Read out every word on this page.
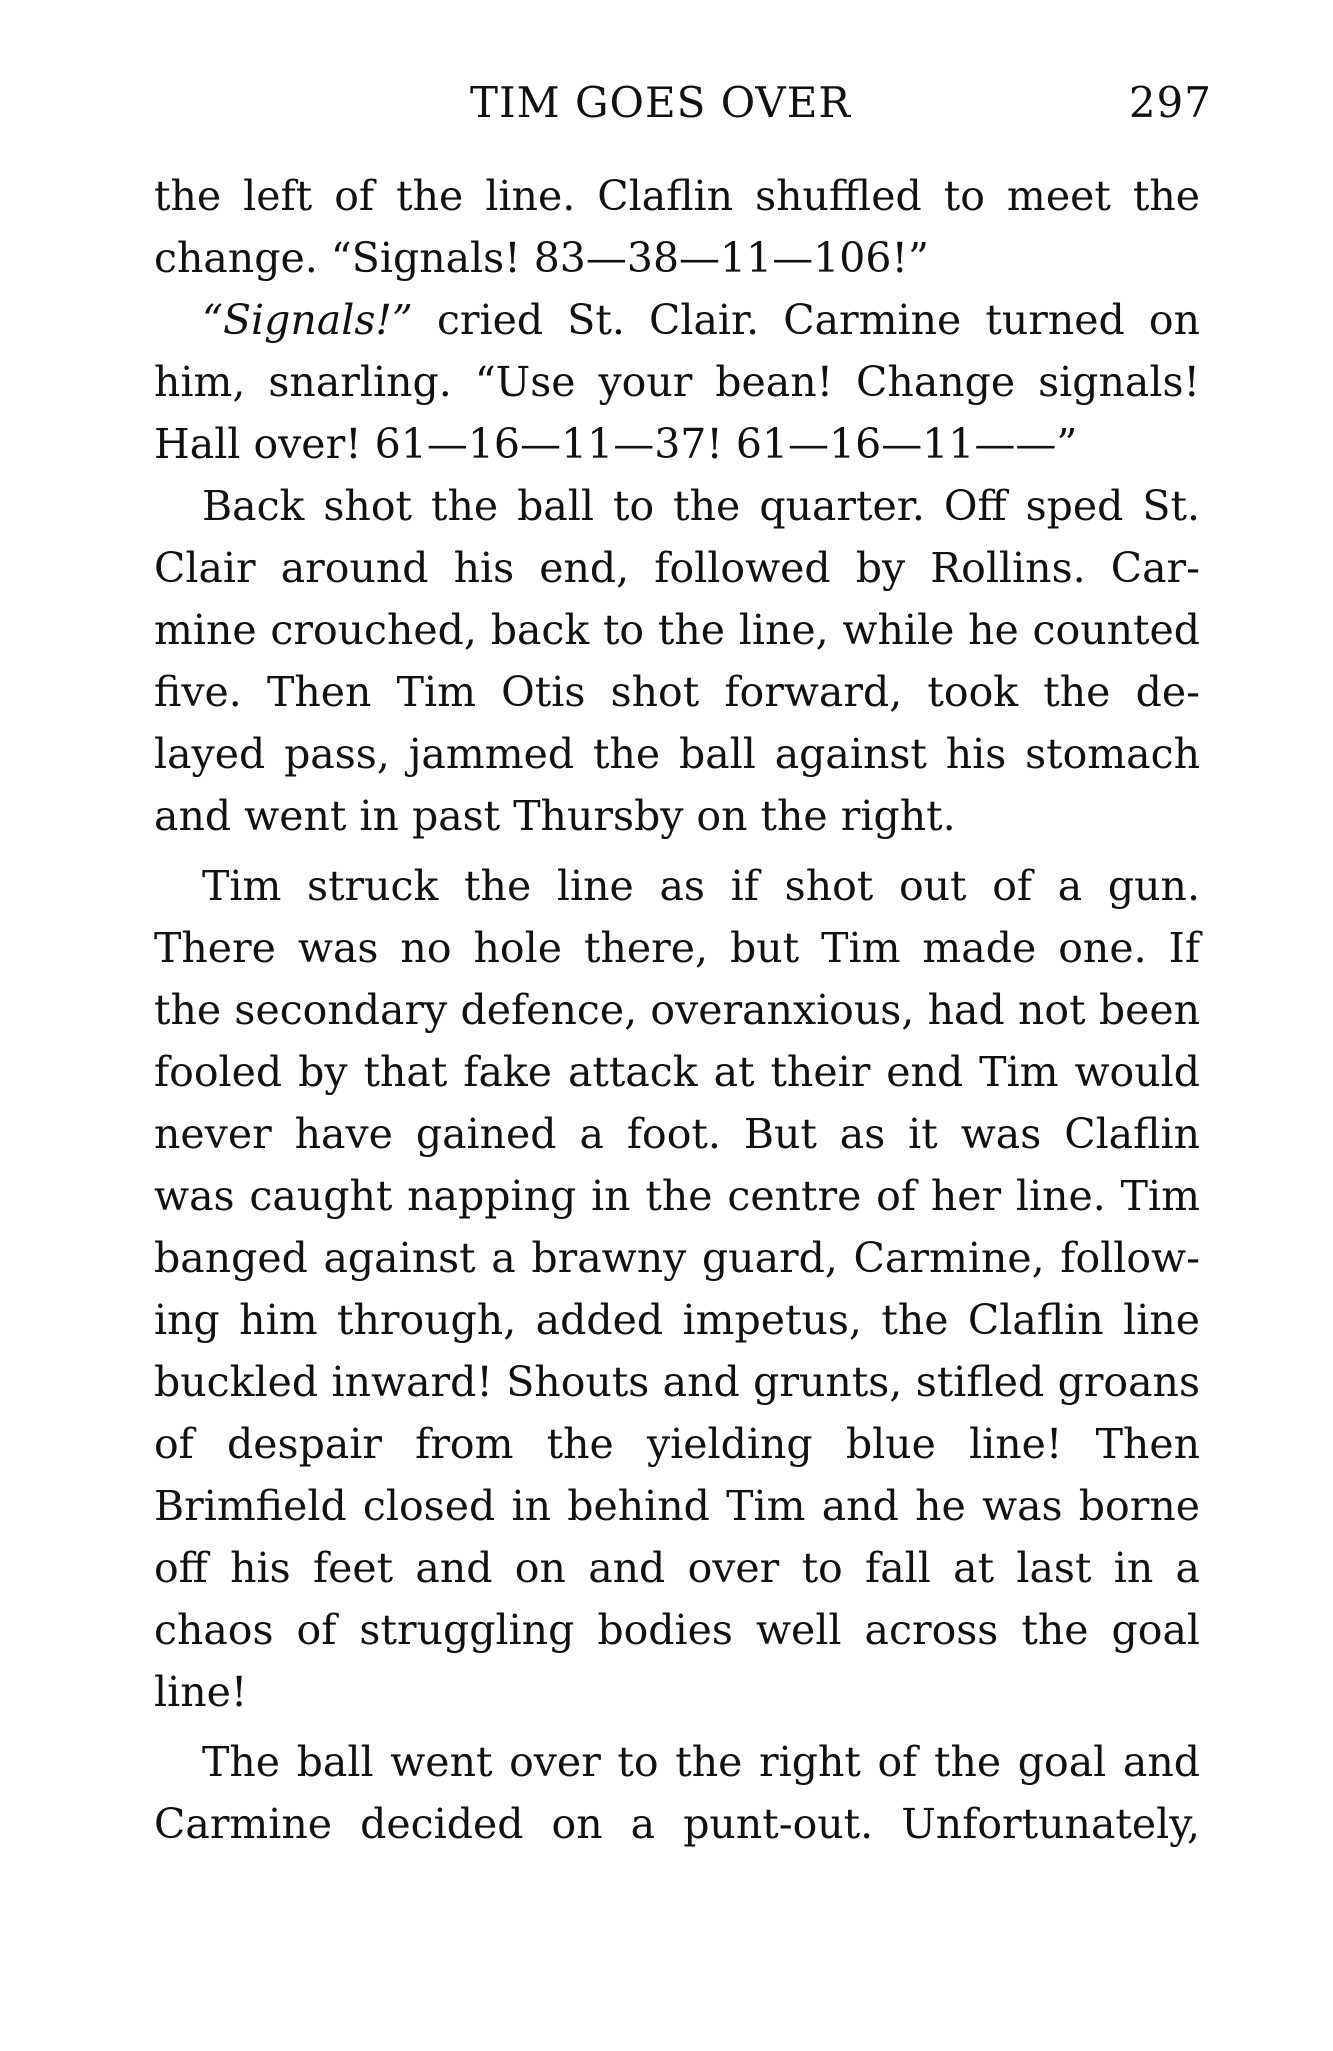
TIM GOES OVER	297
the left of the line. Claflin shuffled to meet the
change. “Signals! 83—38—11—106!”
“Signals!” cried St. Clair. Carmine turned on
him, snarling. “Use your bean! Change signals!
Hall over! 61—16—11—37! 61—16—11——”
Back shot the ball to the quarter. Off sped St.
Clair around his end, followed by Rollins. Car-
mine crouched, back to the line, while he counted
five. Then Tim Otis shot forward, took the de-
layed pass, jammed the ball against his stomach
and went in past Thursby on the right.
Tim struck the line as if shot out of a gun.
There was no hole there, but Tim made one. If
the secondary defence, overanxious, had not been
fooled by that fake attack at their end Tim would
never have gained a foot. But as it was Claflin
was caught napping in the centre of her line. Tim
banged against a brawny guard, Carmine, follow-
ing him through, added impetus, the Claflin line
buckled inward! Shouts and grunts, stifled groans
of despair from the yielding blue line! Then
Brimfield closed in behind Tim and he was borne
off his feet and on and over to fall at last in a
chaos of struggling bodies well across the goal
line!
The ball went over to the right of the goal and
Carmine decided on a punt-out. Unfortunately,
